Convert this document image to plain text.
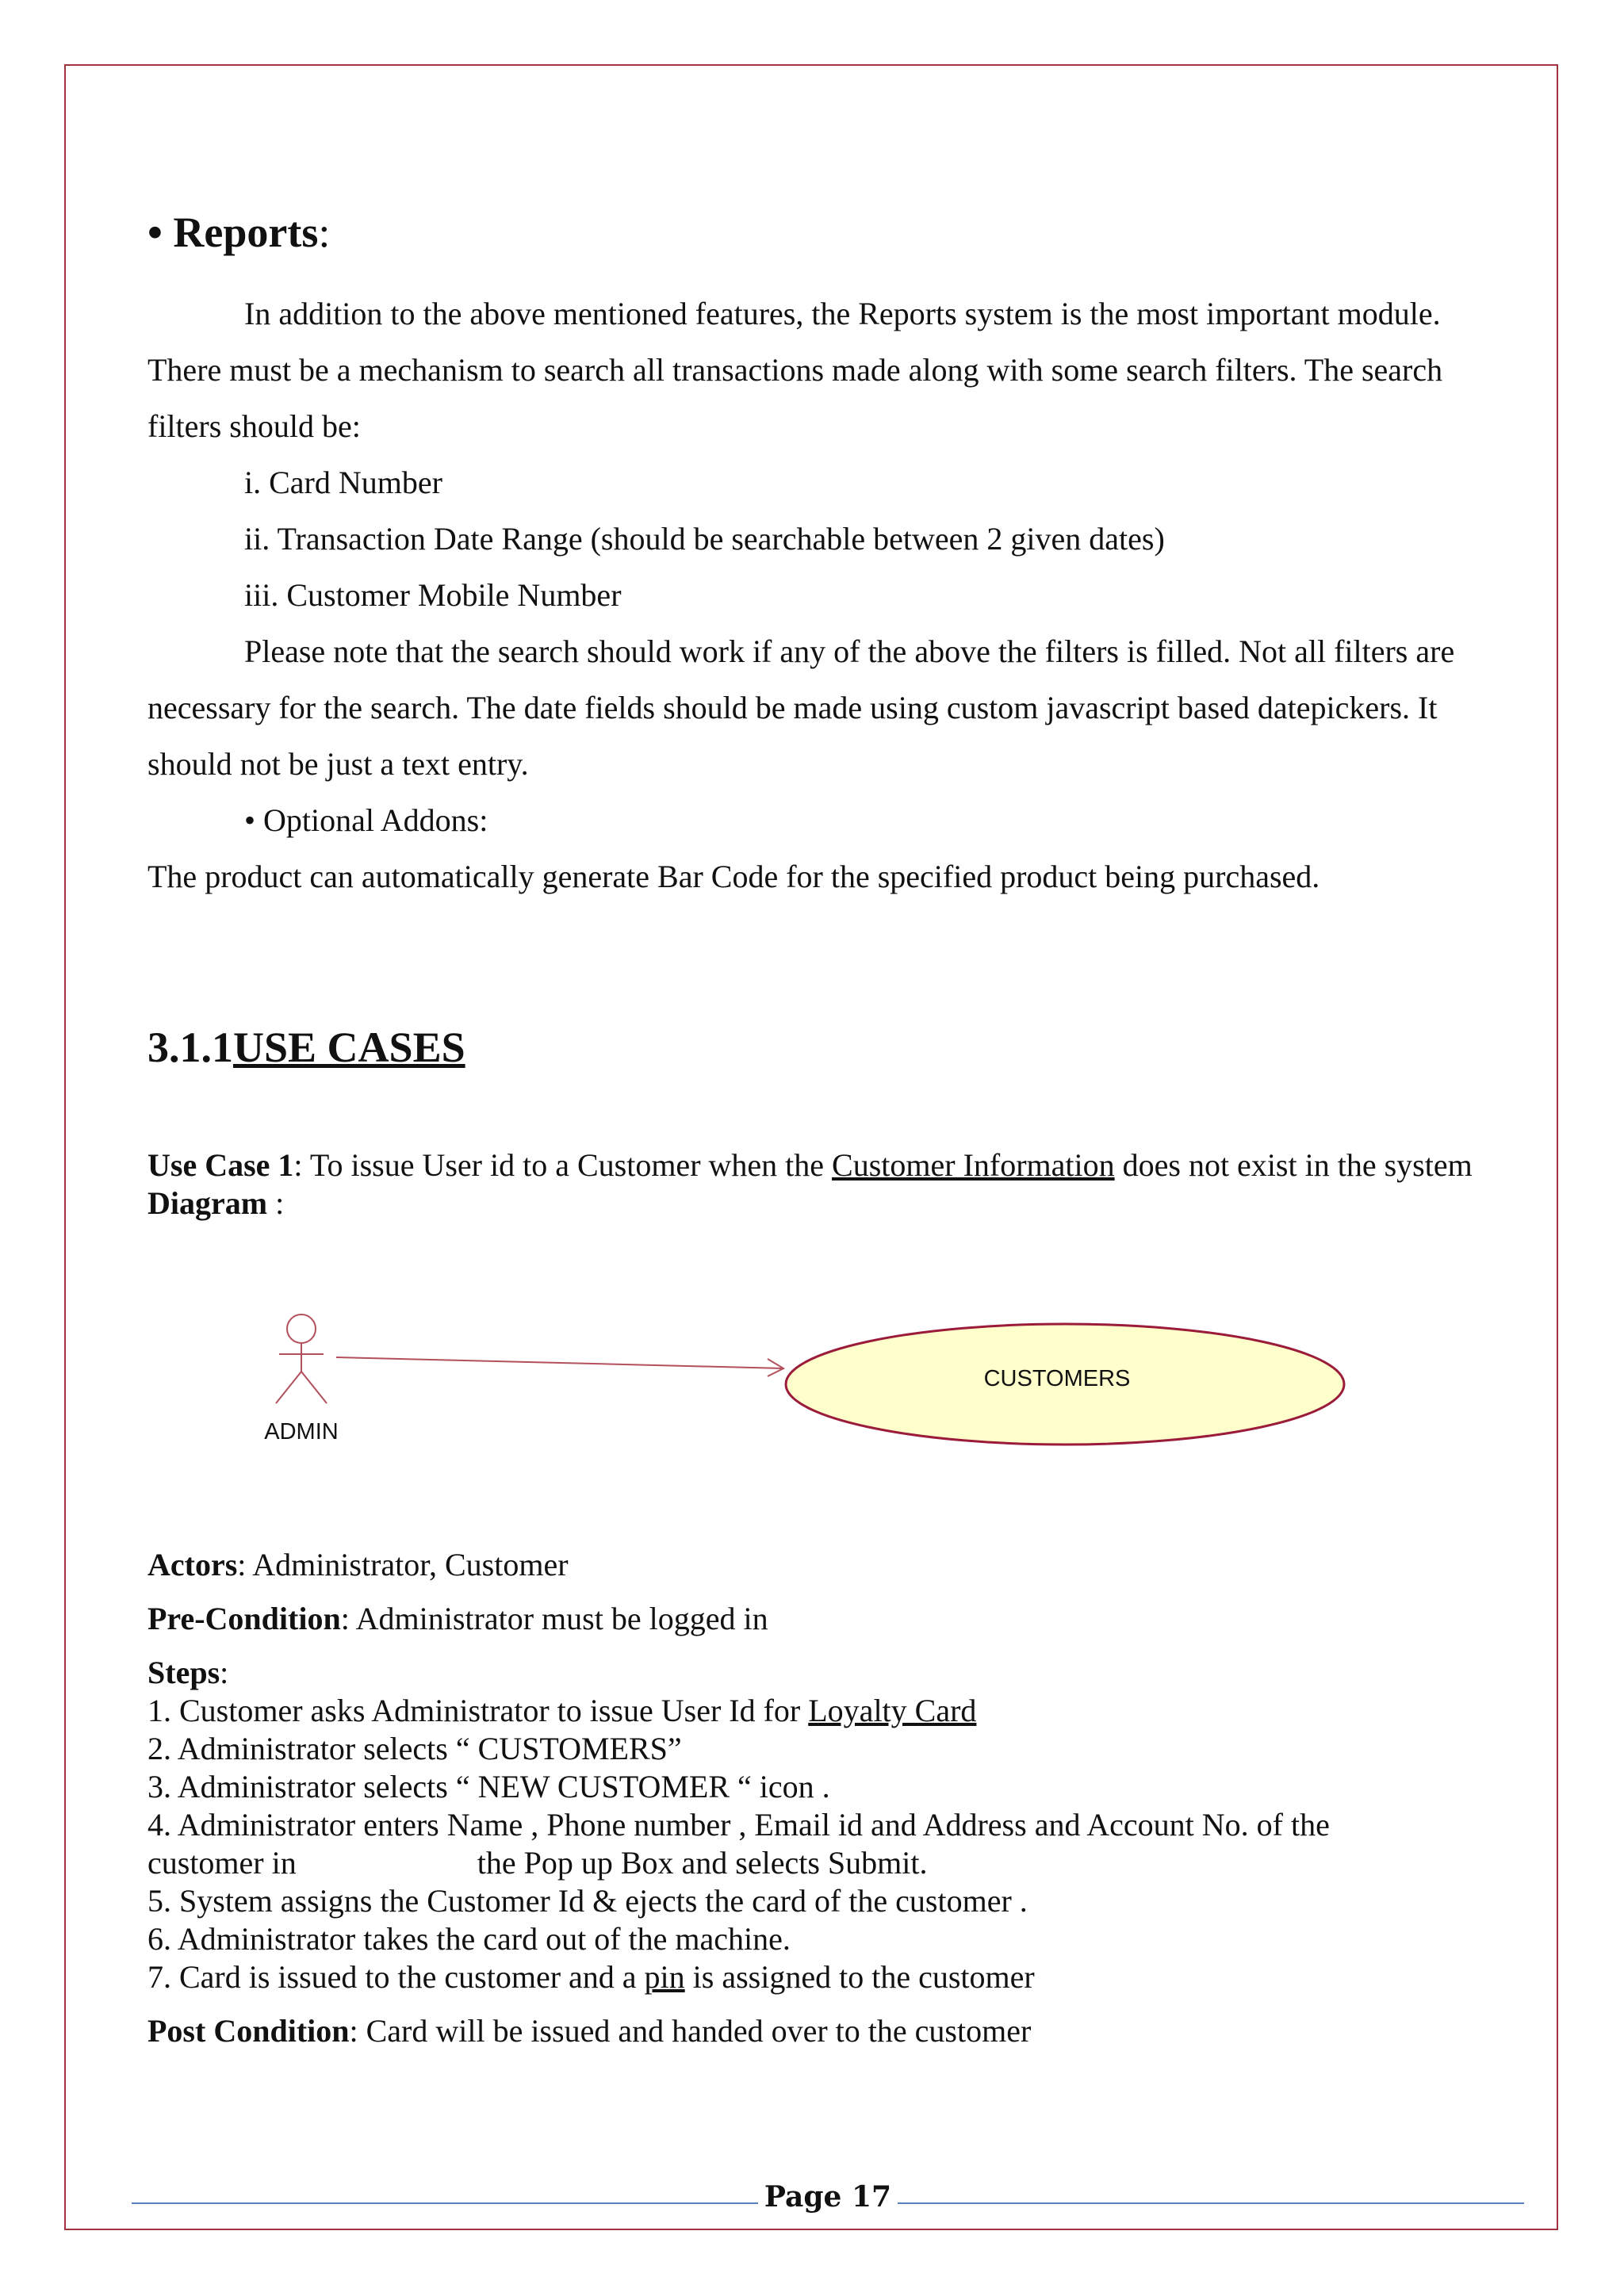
• Reports:

In addition to the above mentioned features, the Reports system is the most important module. There must be a mechanism to search all transactions made along with some search filters. The search filters should be:

i. Card Number

ii. Transaction Date Range (should be searchable between 2 given dates)

iii. Customer Mobile Number

Please note that the search should work if any of the above the filters is filled. Not all filters are necessary for the search. The date fields should be made using custom javascript based datepickers. It should not be just a text entry.

• Optional Addons:

The product can automatically generate Bar Code for the specified product being purchased.

3.1.1USE CASES

Use Case 1: To issue User id to a Customer when the Customer Information does not exist in the system

Diagram :

ADMIN
CUSTOMERS

Actors: Administrator, Customer

Pre-Condition: Administrator must be logged in

Steps:

1. Customer asks Administrator to issue User Id for Loyalty Card

2. Administrator selects “ CUSTOMERS”

3. Administrator selects “ NEW CUSTOMER “ icon .

4. Administrator enters Name , Phone number , Email id and Address and Account No. of the

customer in	the Pop up Box and selects Submit.

5. System assigns the Customer Id & ejects the card of the customer .

6. Administrator takes the card out of the machine.

7. Card is issued to the customer and a pin is assigned to the customer

Post Condition: Card will be issued and handed over to the customer

Page 17
